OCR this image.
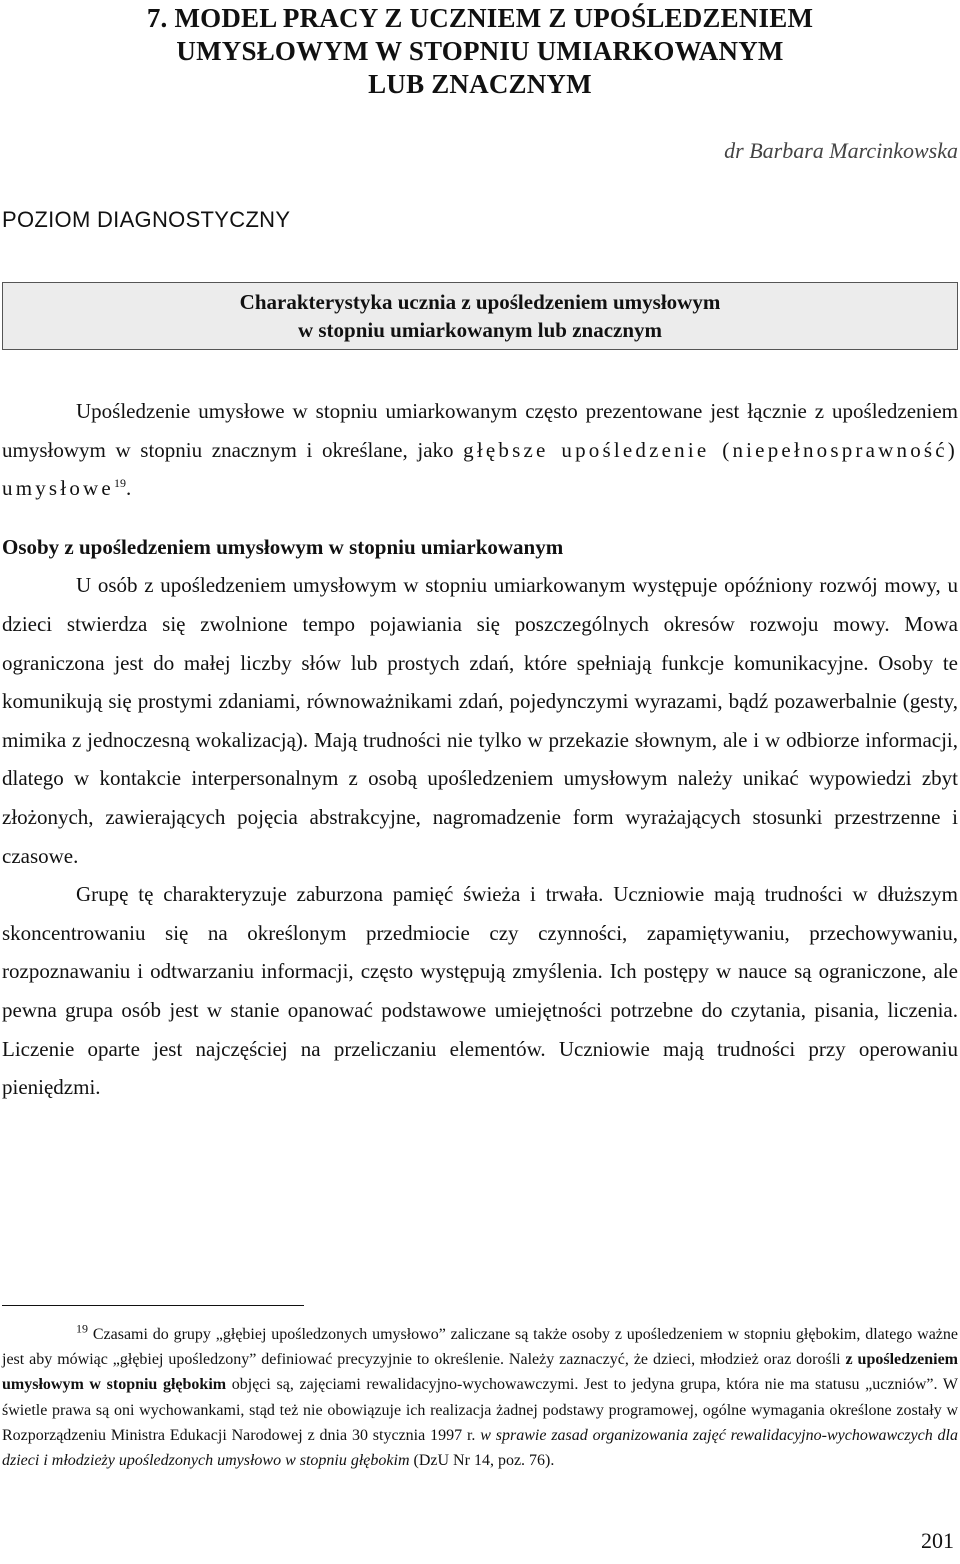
7. MODEL PRACY Z UCZNIEM Z UPOŚLEDZENIEM
UMYSŁOWYM W STOPNIU UMIARKOWANYM
LUB ZNACZNYM
dr Barbara Marcinkowska
POZIOM DIAGNOSTYCZNY
Charakterystyka ucznia z upośledzeniem umysłowym
w stopniu umiarkowanym lub znacznym

Upośledzenie umysłowe w stopniu umiarkowanym często prezentowane jest łącznie z upośledzeniem umysłowym w stopniu znacznym i określane, jako głębsze upośledzenie (niepełnosprawność) umysłowe$^{19}$.

Osoby z upośledzeniem umysłowym w stopniu umiarkowanym

U osób z upośledzeniem umysłowym w stopniu umiarkowanym występuje opóźniony rozwój mowy, u dzieci stwierdza się zwolnione tempo pojawiania się poszczególnych okresów rozwoju mowy. Mowa ograniczona jest do małej liczby słów lub prostych zdań, które spełniają funkcje komunikacyjne. Osoby te komunikują się prostymi zdaniami, równoważnikami zdań, pojedynczymi wyrazami, bądź pozawerbalnie (gesty, mimika z jednoczesną wokalizacją). Mają trudności nie tylko w przekazie słownym, ale i w odbiorze informacji, dlatego w kontakcie interpersonalnym z osobą upośledzeniem umysłowym należy unikać wypowiedzi zbyt złożonych, zawierających pojęcia abstrakcyjne, nagromadzenie form wyrażających stosunki przestrzenne i czasowe.

Grupę tę charakteryzuje zaburzona pamięć świeża i trwała. Uczniowie mają trudności w dłuższym skoncentrowaniu się na określonym przedmiocie czy czynności, zapamiętywaniu, przechowywaniu, rozpoznawaniu i odtwarzaniu informacji, często występują zmyślenia. Ich postępy w nauce są ograniczone, ale pewna grupa osób jest w stanie opanować podstawowe umiejętności potrzebne do czytania, pisania, liczenia. Liczenie oparte jest najczęściej na przeliczaniu elementów. Uczniowie mają trudności przy operowaniu pieniędzmi.

$^{19}$ Czasami do grupy „głębiej upośledzonych umysłowo” zaliczane są także osoby z upośledzeniem w stopniu głębokim, dlatego ważne jest aby mówiąc „głębiej upośledzony” definiować precyzyjnie to określenie. Należy zaznaczyć, że dzieci, młodzież oraz dorośli z upośledzeniem umysłowym w stopniu głębokim objęci są, zajęciami rewalidacyjno-wychowawczymi. Jest to jedyna grupa, która nie ma statusu „uczniów”. W świetle prawa są oni wychowankami, stąd też nie obowiązuje ich realizacja żadnej podstawy programowej, ogólne wymagania określone zostały w Rozporządzeniu Ministra Edukacji Narodowej z dnia 30 stycznia 1997 r. w sprawie zasad organizowania zajęć rewalidacyjno-wychowawczych dla dzieci i młodzieży upośledzonych umysłowo w stopniu głębokim (DzU Nr 14, poz. 76).

201
